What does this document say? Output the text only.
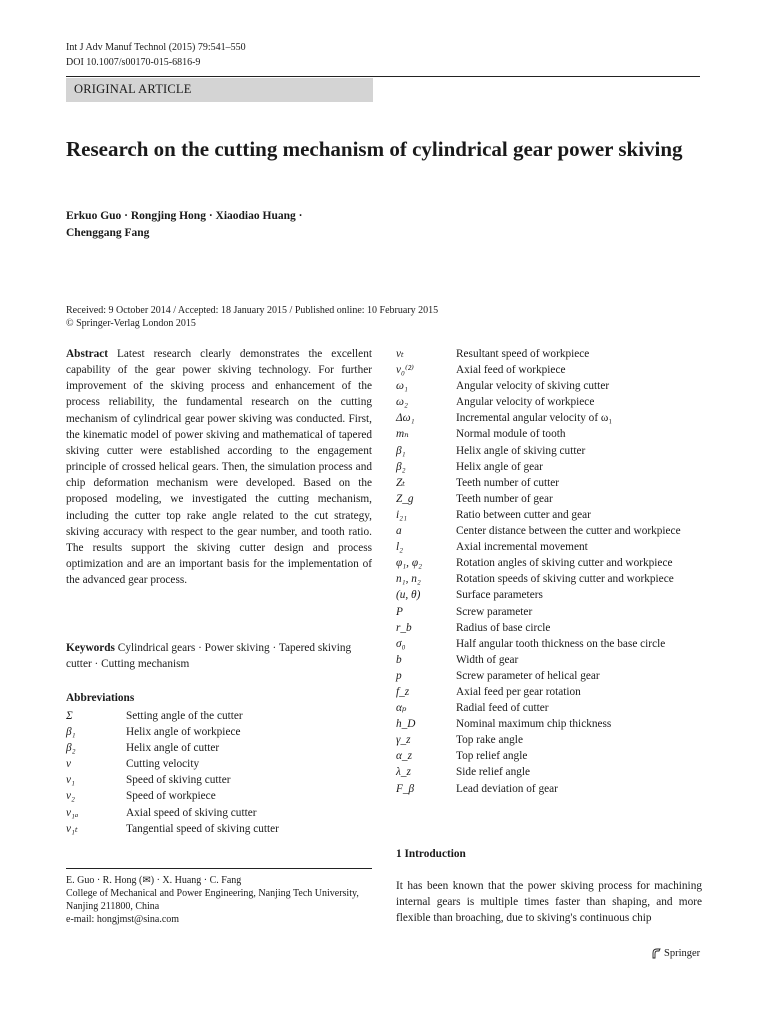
Int J Adv Manuf Technol (2015) 79:541–550
DOI 10.1007/s00170-015-6816-9
ORIGINAL ARTICLE
Research on the cutting mechanism of cylindrical gear power skiving
Erkuo Guo · Rongjing Hong · Xiaodiao Huang ·
Chenggang Fang
Received: 9 October 2014 / Accepted: 18 January 2015 / Published online: 10 February 2015
© Springer-Verlag London 2015
Abstract Latest research clearly demonstrates the excellent capability of the gear power skiving technology. For further improvement of the skiving process and enhancement of the process reliability, the fundamental research on the cutting mechanism of cylindrical gear power skiving was conducted. First, the kinematic model of power skiving and mathematical of tapered skiving cutter were established according to the engagement principle of crossed helical gears. Then, the simulation process and chip deformation mechanism were developed. Based on the proposed modeling, we investigated the cutting mechanism, including the cutter top rake angle related to the cut strategy, skiving accuracy with respect to the gear number, and tooth ratio. The results support the skiving cutter design and process optimization and are an important basis for the implementation of the advanced gear process.
Keywords Cylindrical gears · Power skiving · Tapered skiving cutter · Cutting mechanism
Abbreviations
Σ	Setting angle of the cutter
β₁	Helix angle of workpiece
β₂	Helix angle of cutter
v	Cutting velocity
v₁	Speed of skiving cutter
v₂	Speed of workpiece
v₁ₐ	Axial speed of skiving cutter
v₁ₜ	Tangential speed of skiving cutter
vₜ	Resultant speed of workpiece
v₀⁽²⁾	Axial feed of workpiece
ω₁	Angular velocity of skiving cutter
ω₂	Angular velocity of workpiece
Δω₁	Incremental angular velocity of ω₁
mₙ	Normal module of tooth
β₁	Helix angle of skiving cutter
β₂	Helix angle of gear
Zₜ	Teeth number of cutter
Z_g	Teeth number of gear
i₂₁	Ratio between cutter and gear
a	Center distance between the cutter and workpiece
l₂	Axial incremental movement
φ₁, φ₂	Rotation angles of skiving cutter and workpiece
n₁, n₂	Rotation speeds of skiving cutter and workpiece
(u, θ)	Surface parameters
P	Screw parameter
r_b	Radius of base circle
σ₀	Half angular tooth thickness on the base circle
b	Width of gear
p	Screw parameter of helical gear
f_z	Axial feed per gear rotation
αₚ	Radial feed of cutter
h_D	Nominal maximum chip thickness
γ_z	Top rake angle
α_z	Top relief angle
λ_z	Side relief angle
F_β	Lead deviation of gear
E. Guo · R. Hong (✉) · X. Huang · C. Fang
College of Mechanical and Power Engineering, Nanjing Tech University, Nanjing 211800, China
e-mail: hongjmst@sina.com
1 Introduction
It has been known that the power skiving process for machining internal gears is multiple times faster than shaping, and more flexible than broaching, due to skiving's continuous chip
Springer
